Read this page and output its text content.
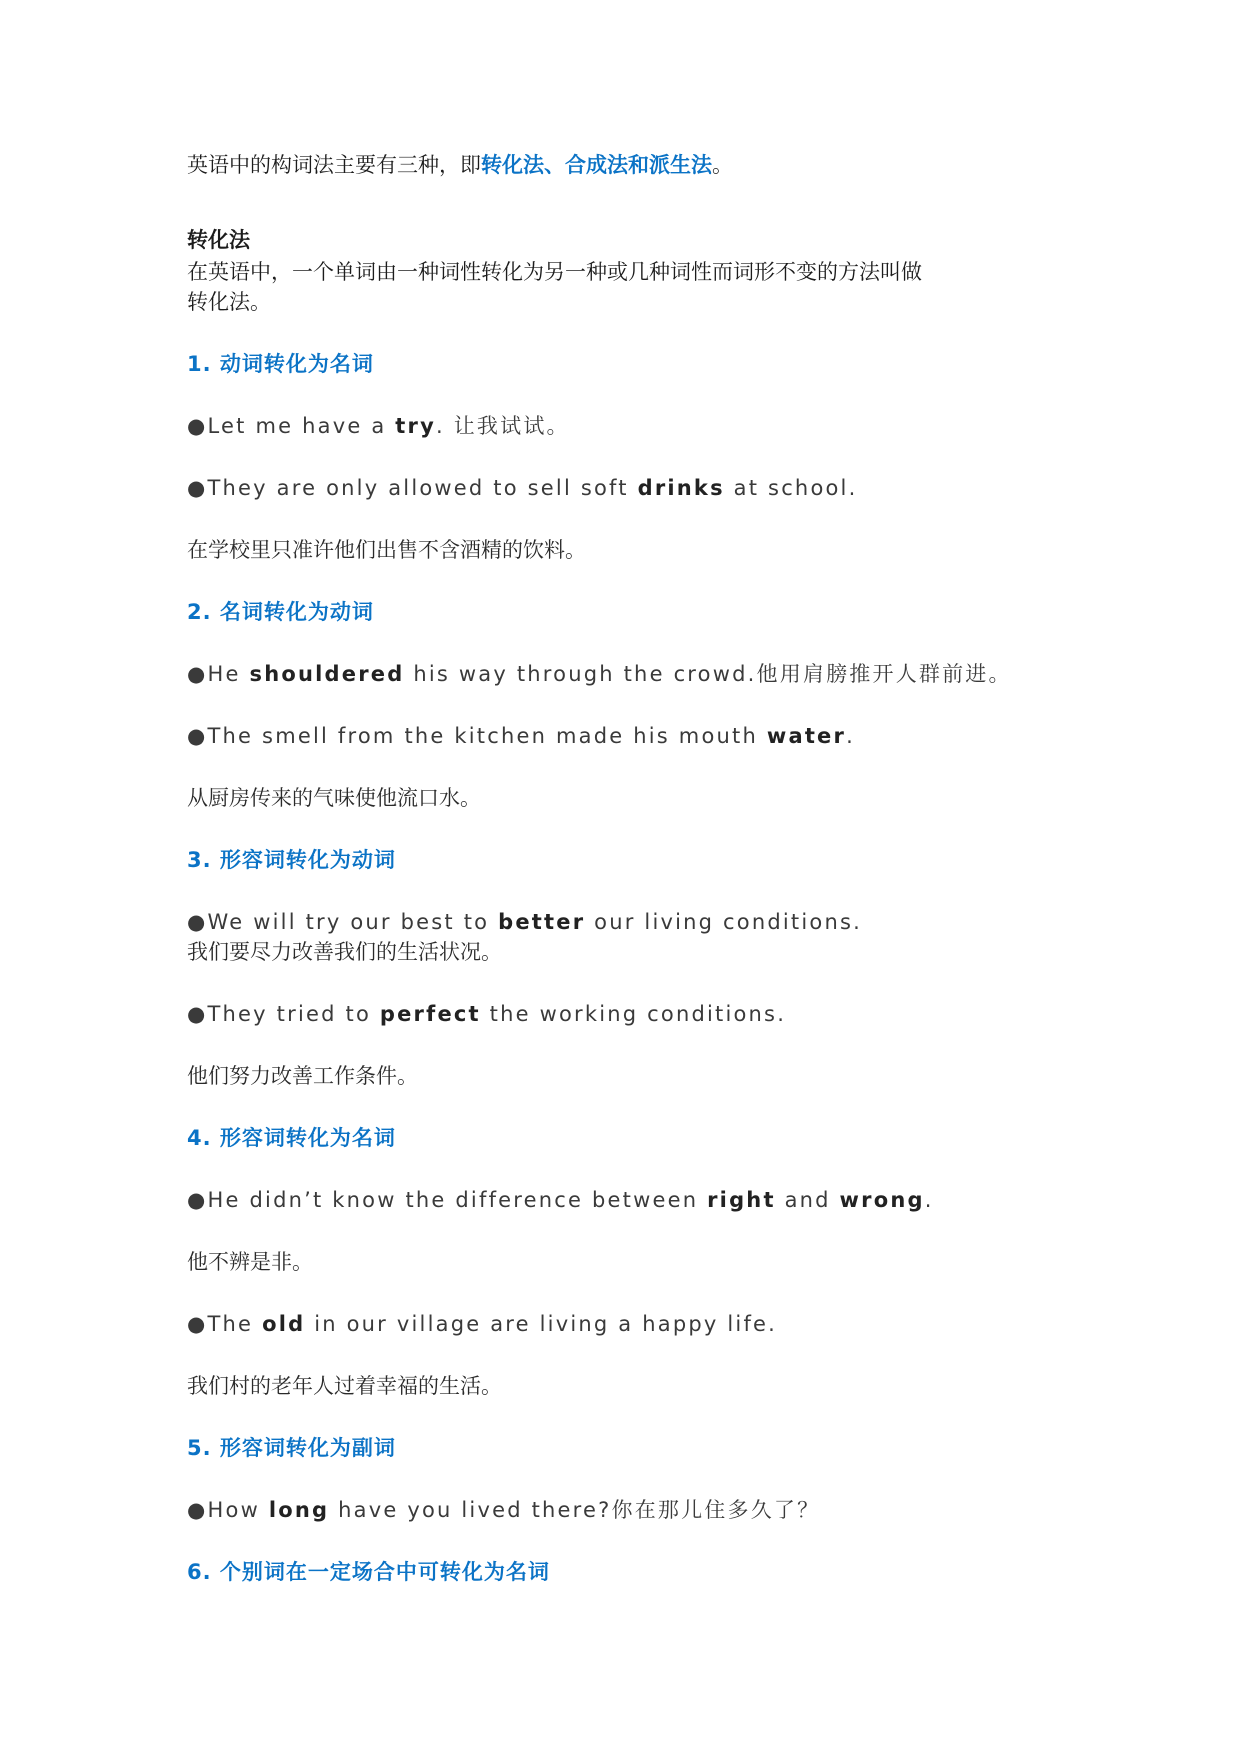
英语中的构词法主要有三种，即转化法、合成法和派生法。

转化法

在英语中，一个单词由一种词性转化为另一种或几种词性而词形不变的方法叫做
转化法。

1. 动词转化为名词

●Let me have a try. 让我试试。

●They are only allowed to sell soft drinks at school.

在学校里只准许他们出售不含酒精的饮料。

2. 名词转化为动词

●He shouldered his way through the crowd.他用肩膀推开人群前进。

●The smell from the kitchen made his mouth water.

从厨房传来的气味使他流口水。

3. 形容词转化为动词

●We will try our best to better our living conditions.

我们要尽力改善我们的生活状况。

●They tried to perfect the working conditions.

他们努力改善工作条件。

4. 形容词转化为名词

●He didn’t know the difference between right and wrong.

他不辨是非。

●The old in our village are living a happy life.

我们村的老年人过着幸福的生活。

5. 形容词转化为副词

●How long have you lived there?你在那儿住多久了？

6. 个别词在一定场合中可转化为名词
